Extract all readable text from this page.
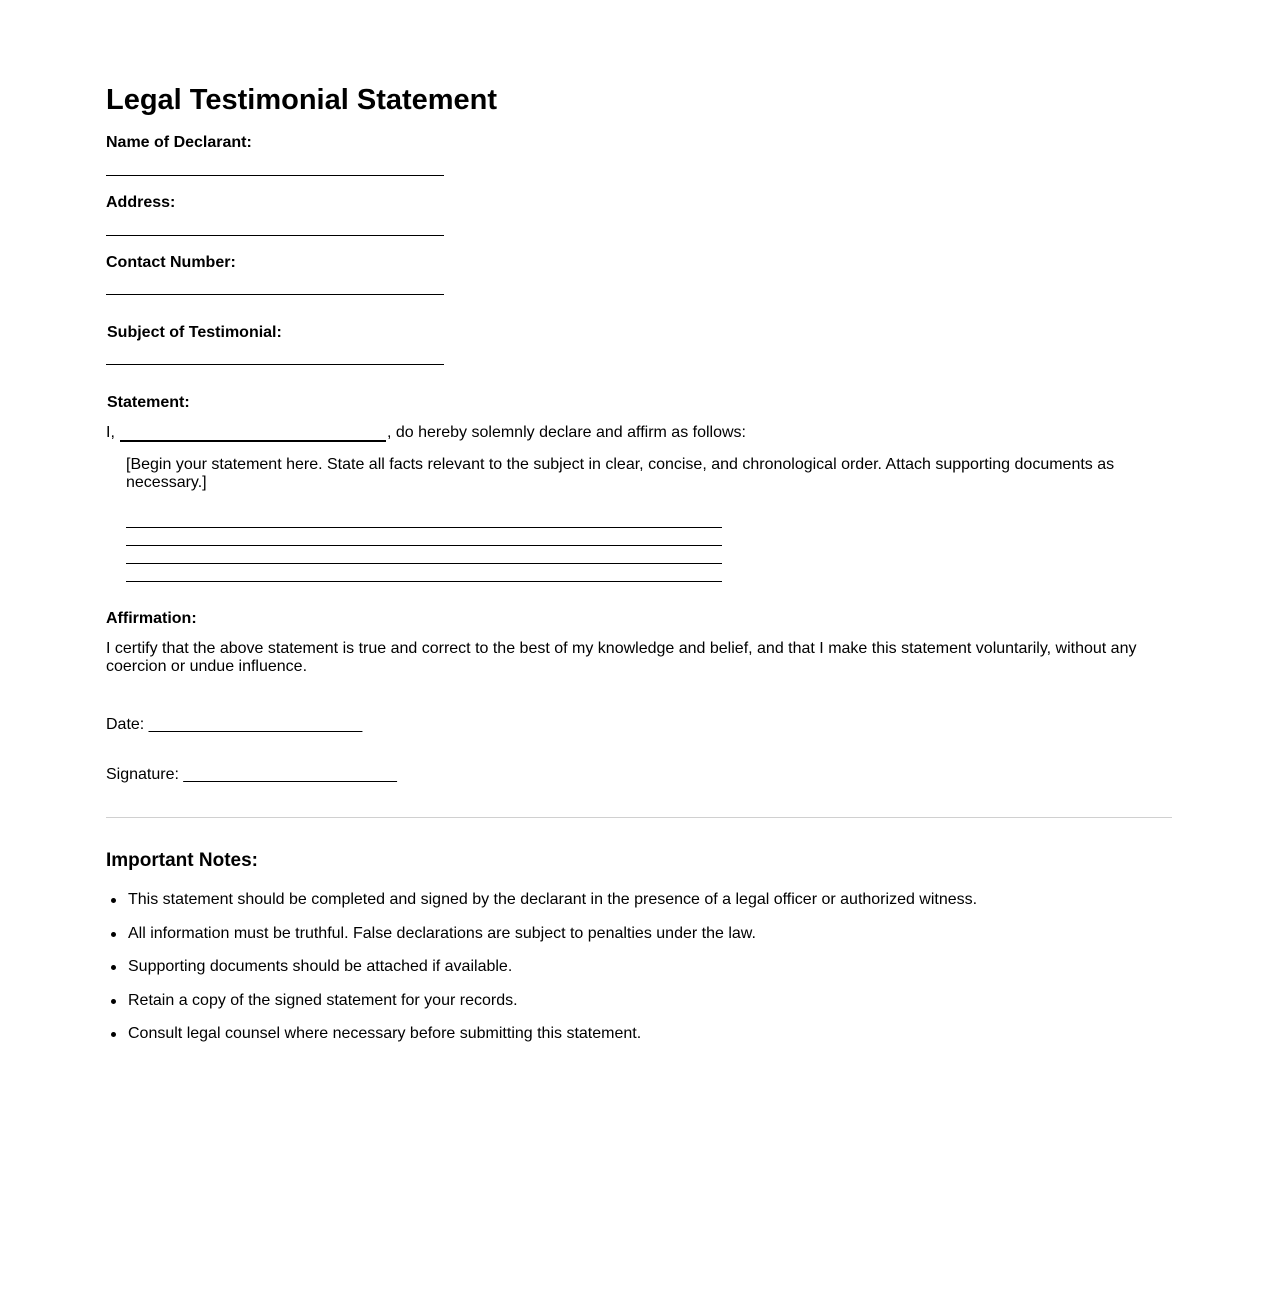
Legal Testimonial Statement
Name of Declarant:
Address:
Contact Number:
Subject of Testimonial:
Statement:
I,	, do hereby solemnly declare and affirm as follows:
[Begin your statement here. State all facts relevant to the subject in clear, concise, and chronological order. Attach supporting documents as necessary.]
Affirmation:
I certify that the above statement is true and correct to the best of my knowledge and belief, and that I make this statement voluntarily, without any coercion or undue influence.
Date: ________________________
Signature: ________________________
Important Notes:
This statement should be completed and signed by the declarant in the presence of a legal officer or authorized witness.
All information must be truthful. False declarations are subject to penalties under the law.
Supporting documents should be attached if available.
Retain a copy of the signed statement for your records.
Consult legal counsel where necessary before submitting this statement.
